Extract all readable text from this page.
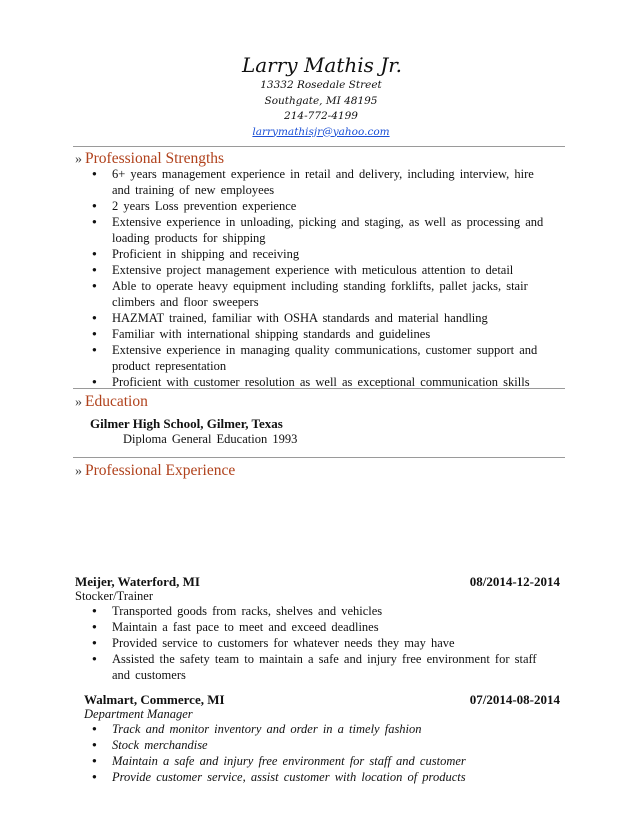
Larry Mathis Jr.
13332 Rosedale Street
Southgate, MI 48195
214-772-4199
larrymathisjr@yahoo.com
» Professional Strengths
● 6+ years management experience in retail and delivery, including interview, hire and training of new employees
● 2 years Loss prevention experience
● Extensive experience in unloading, picking and staging, as well as processing and loading products for shipping
● Proficient in shipping and receiving
● Extensive project management experience with meticulous attention to detail
● Able to operate heavy equipment including standing forklifts, pallet jacks, stair climbers and floor sweepers
● HAZMAT trained, familiar with OSHA standards and material handling
● Familiar with international shipping standards and guidelines
● Extensive experience in managing quality communications, customer support and product representation
● Proficient with customer resolution as well as exceptional communication skills
» Education
Gilmer High School, Gilmer, Texas
Diploma General Education 1993
» Professional Experience
Meijer, Waterford, MI	08/2014-12-2014
Stocker/Trainer
● Transported goods from racks, shelves and vehicles
● Maintain a fast pace to meet and exceed deadlines
● Provided service to customers for whatever needs they may have
● Assisted the safety team to maintain a safe and injury free environment for staff and customers
Walmart, Commerce, MI	07/2014-08-2014
Department Manager
● Track and monitor inventory and order in a timely fashion
● Stock merchandise
● Maintain a safe and injury free environment for staff and customer
● Provide customer service, assist customer with location of products
